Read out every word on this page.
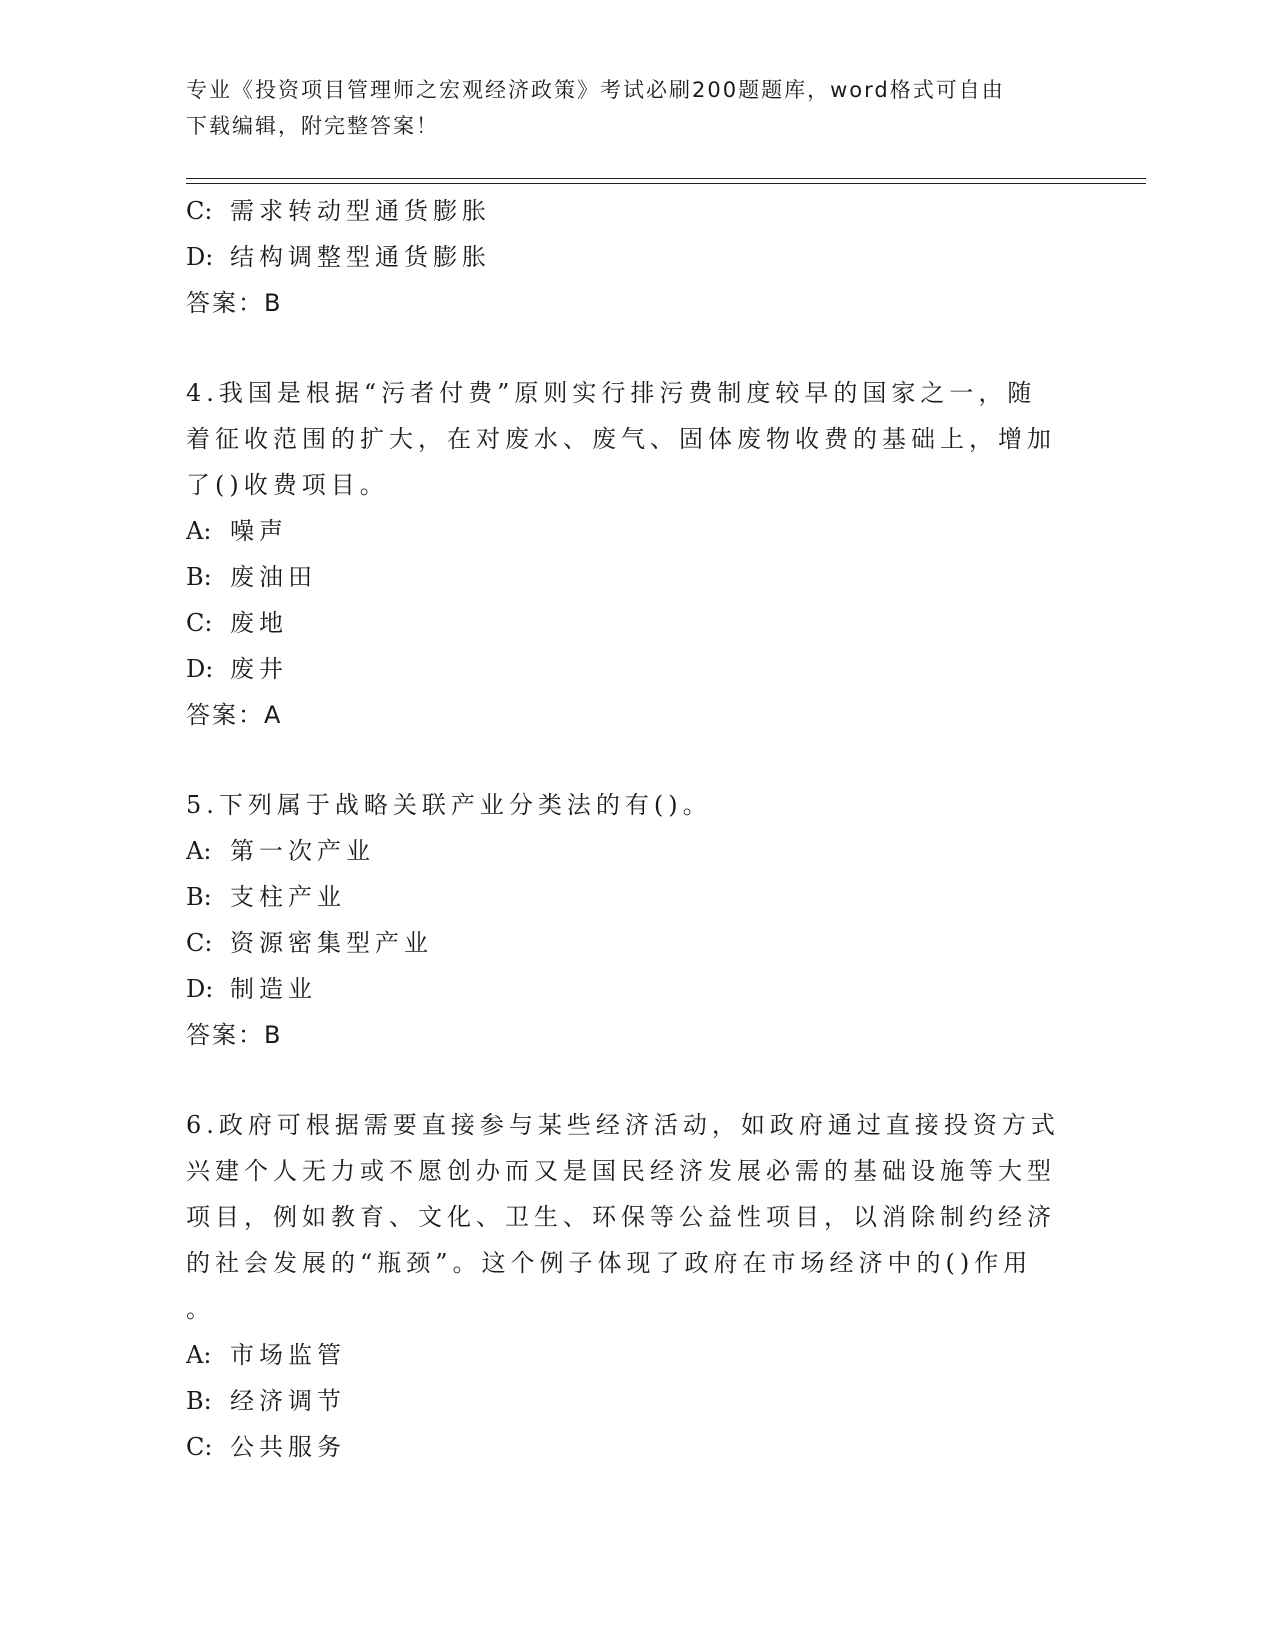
专业《投资项目管理师之宏观经济政策》考试必刷200题题库，word格式可自由
下载编辑，附完整答案！
C: 需求转动型通货膨胀
D: 结构调整型通货膨胀
答案：B
4.我国是根据“污者付费”原则实行排污费制度较早的国家之一，随
着征收范围的扩大，在对废水、废气、固体废物收费的基础上，增加
了()收费项目。
A: 噪声
B: 废油田
C: 废地
D: 废井
答案：A
5.下列属于战略关联产业分类法的有()。
A: 第一次产业
B: 支柱产业
C: 资源密集型产业
D: 制造业
答案：B
6.政府可根据需要直接参与某些经济活动，如政府通过直接投资方式
兴建个人无力或不愿创办而又是国民经济发展必需的基础设施等大型
项目，例如教育、文化、卫生、环保等公益性项目，以消除制约经济
的社会发展的“瓶颈”。这个例子体现了政府在市场经济中的()作用
。
A: 市场监管
B: 经济调节
C: 公共服务
